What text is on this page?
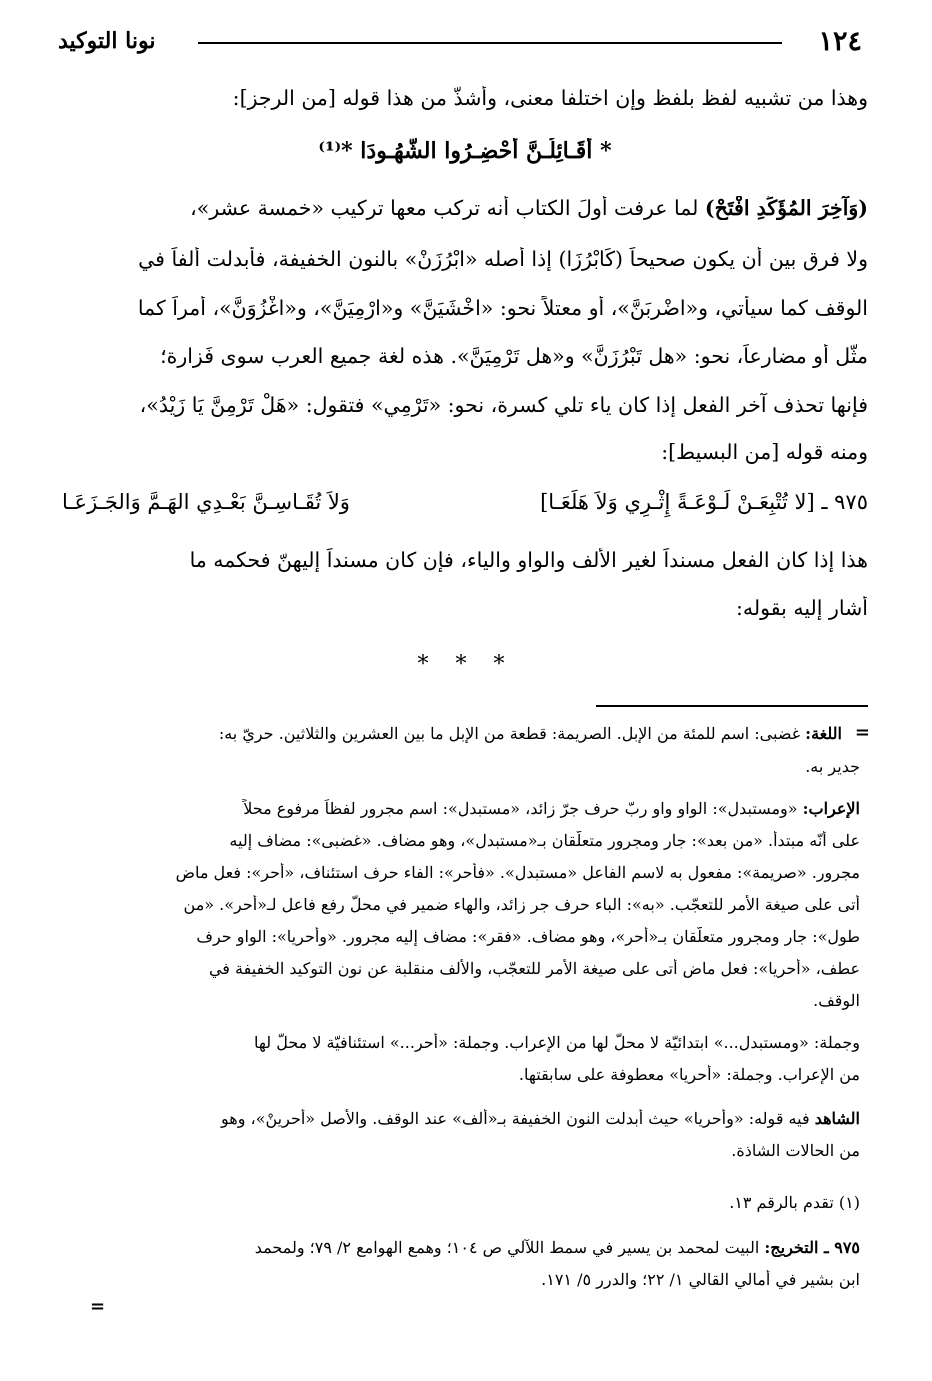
١٢٤
نونا التوكيد
وهذا من تشبيه لفظ بلفظ وإن اختلفا معنى، وأشذّ من هذا قوله [من الرجز]:
* أَقَـائِلُـنَّ أَحْضِـرُوا الشُّهُـودَا *⁽¹⁾
(وَآخِرَ المُؤَكِّدِ افْتَحْ) لما عرفت أولَ الكتاب أنه تركب معها تركيب «خمسة عشر»،
ولا فرق بين أن يكون صحيحاً (كَابْرُزَا) إذا أصله «ابْرُزَنْ» بالنون الخفيفة، فأبدلت ألفاً في
الوقف كما سيأتي، و«اضْرِبَنَّ»، أو معتلاً نحو: «اخْشَيَنَّ» و«ارْمِيَنَّ»، و«اغْزُوَنَّ»، أمراً كما
مثّل أو مضارعاً، نحو: «هل تَبْرُزَنَّ» و«هل تَرْمِيَنَّ». هذه لغة جميع العرب سوى فَزارة؛
فإنها تحذف آخر الفعل إذا كان ياء تلي كسرة، نحو: «تَرْمِي» فتقول: «هَلْ تَرْمِنَّ يَا زَيْدُ»،
ومنه قوله [من البسيط]:
٩٧٥ ـ [لا تُتْبِعَـنْ لَـوْعَـةً إِثْـرِي وَلاَ هَلَعَـا]
وَلاَ تُقَـاسِـنَّ بَعْـدِي الهَـمَّ وَالجَـزَعَـا
هذا إذا كان الفعل مسنداً لغير الألف والواو والياء، فإن كان مسنداً إليهنّ فحكمه ما
أشار إليه بقوله:
* * *
=
اللغة: غضبى: اسم للمئة من الإبل. الصريمة: قطعة من الإبل ما بين العشرين والثلاثين. حريّ به:
جدير به.
الإعراب: «ومستبدل»: الواو واو ربّ حرف جرّ زائد، «مستبدل»: اسم مجرور لفظاً مرفوع محلاً
على أنّه مبتدأ. «من بعد»: جار ومجرور متعلّقان بـ«مستبدل»، وهو مضاف. «غضبى»: مضاف إليه
مجرور. «صريمة»: مفعول به لاسم الفاعل «مستبدل». «فأحر»: الفاء حرف استئناف، «أحر»: فعل ماضٍ
أتى على صيغة الأمر للتعجّب. «به»: الباء حرف جر زائد، والهاء ضمير في محلّ رفع فاعل لـ«أحر». «من
طول»: جار ومجرور متعلّقان بـ«أحر»، وهو مضاف. «فقر»: مضاف إليه مجرور. «وأحريا»: الواو حرف
عطف، «أحريا»: فعل ماضٍ أتى على صيغة الأمر للتعجّب، والألف منقلبة عن نون التوكيد الخفيفة في
الوقف.
وجملة: «ومستبدل...» ابتدائيّة لا محلّ لها من الإعراب. وجملة: «أحر...» استئنافيّة لا محلّ لها
من الإعراب. وجملة: «أحريا» معطوفة على سابقتها.
الشاهد فيه قوله: «وأحريا» حيث أبدلت النون الخفيفة بـ«ألف» عند الوقف. والأصل «أحرينْ»، وهو
من الحالات الشاذة.
(١) تقدم بالرقم ١٣.
٩٧٥ ـ التخريج: البيت لمحمد بن يسير في سمط اللآلي ص ١٠٤؛ وهمع الهوامع ٢/ ٧٩؛ ولمحمد
ابن بشير في أمالي القالي ١/ ٢٢؛ والدرر ٥/ ١٧١.
=
